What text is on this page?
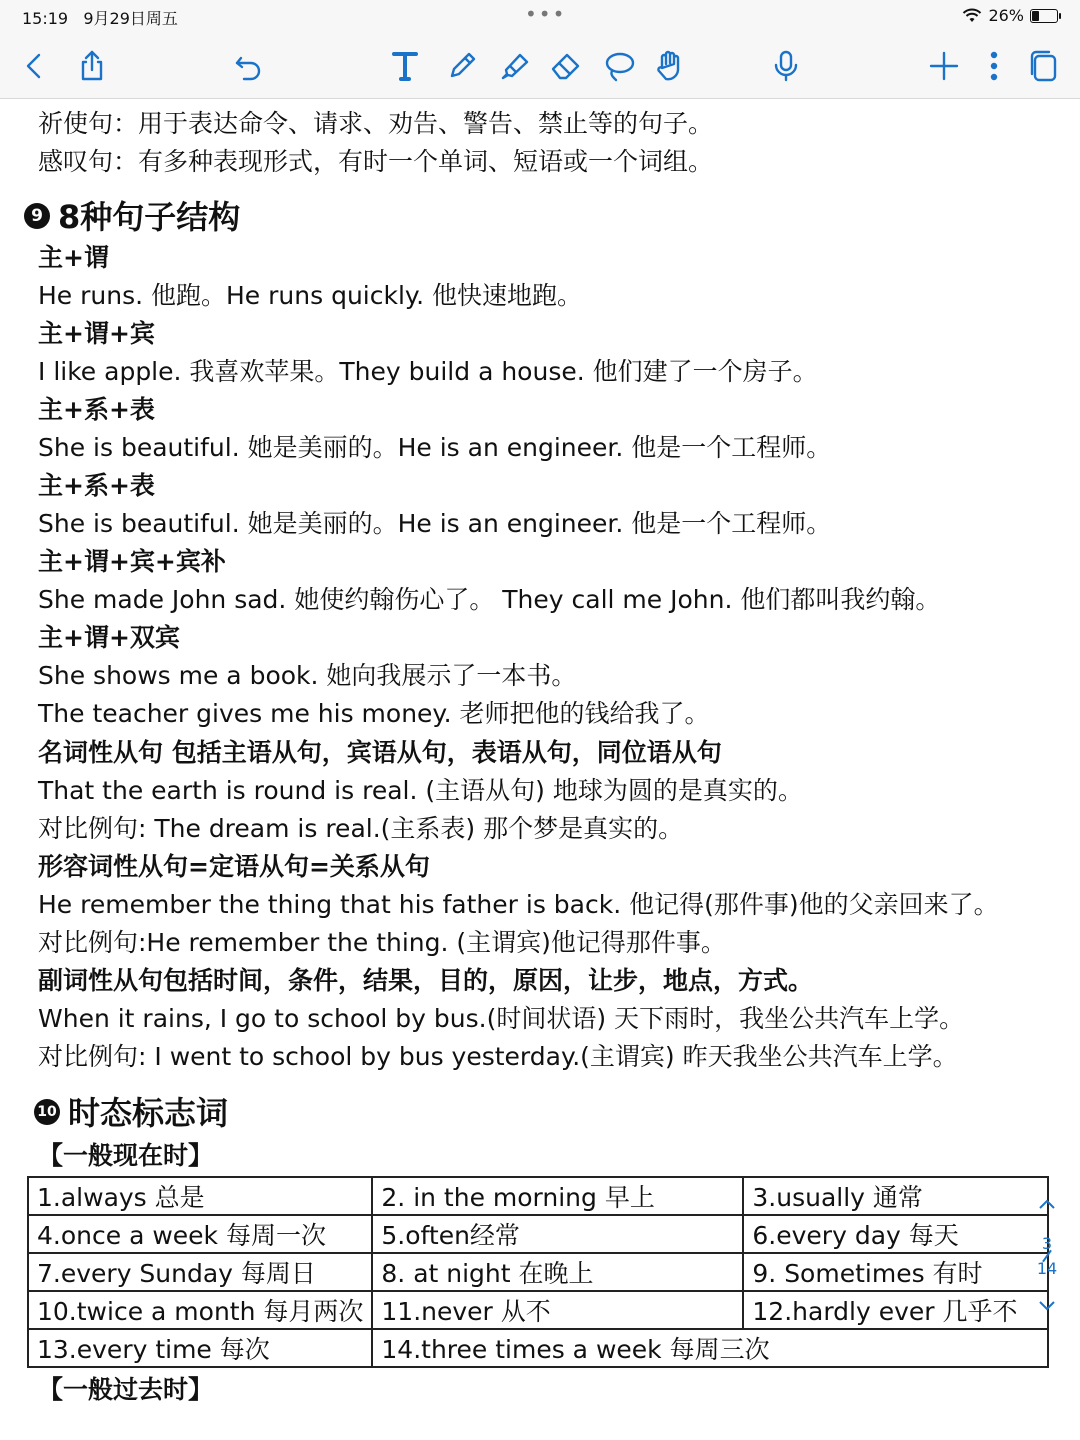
15:19 9月29日周五	•••	26%
祈使句：用于表达命令、请求、劝告、警告、禁止等的句子。
感叹句：有多种表现形式，有时一个单词、短语或一个词组。
9 8种句子结构
主+谓
He runs. 他跑。He runs quickly. 他快速地跑。
主+谓+宾
I like apple. 我喜欢苹果。They build a house. 他们建了一个房子。
主+系+表
She is beautiful. 她是美丽的。He is an engineer. 他是一个工程师。
主+系+表
She is beautiful. 她是美丽的。He is an engineer. 他是一个工程师。
主+谓+宾+宾补
She made John sad. 她使约翰伤心了。 They call me John. 他们都叫我约翰。
主+谓+双宾
She shows me a book. 她向我展示了一本书。
The teacher gives me his money. 老师把他的钱给我了。
名词性从句 包括主语从句，宾语从句，表语从句，同位语从句
That the earth is round is real. (主语从句) 地球为圆的是真实的。
对比例句: The dream is real.(主系表) 那个梦是真实的。
形容词性从句=定语从句=关系从句
He remember the thing that his father is back. 他记得(那件事)他的父亲回来了。
对比例句:He remember the thing. (主谓宾)他记得那件事。
副词性从句包括时间，条件，结果，目的，原因，让步，地点，方式。
When it rains, I go to school by bus.(时间状语) 天下雨时，我坐公共汽车上学。
对比例句: I went to school by bus yesterday.(主谓宾) 昨天我坐公共汽车上学。
10 时态标志词
【一般现在时】
1.always 总是	2. in the morning 早上	3.usually 通常
4.once a week 每周一次	5.often经常	6.every day 每天
7.every Sunday 每周日	8. at night 在晚上	9. Sometimes 有时
10.twice a month 每月两次	11.never 从不	12.hardly ever 几乎不
13.every time 每次	14.three times a week 每周三次	
【一般过去时】
3
14
